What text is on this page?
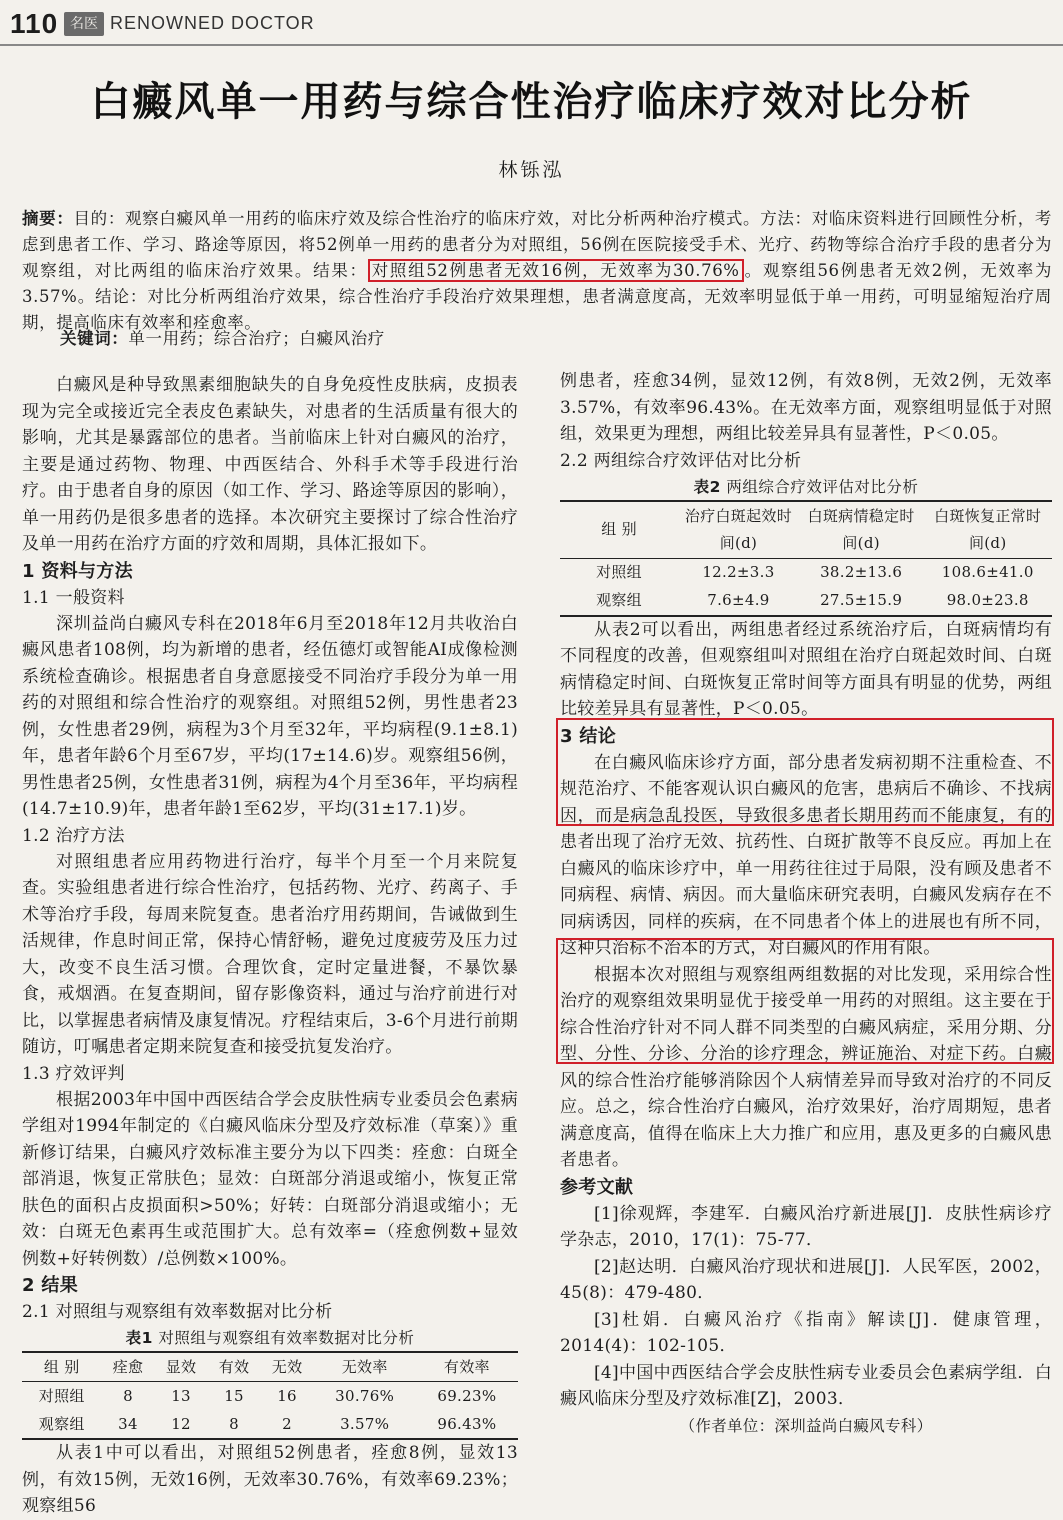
110 名医 RENOWNED DOCTOR
白癜风单一用药与综合性治疗临床疗效对比分析
林铄泓
摘要：目的：观察白癜风单一用药的临床疗效及综合性治疗的临床疗效，对比分析两种治疗模式。方法：对临床资料进行回顾性分析，考虑到患者工作、学习、路途等原因，将52例单一用药的患者分为对照组，56例在医院接受手术、光疗、药物等综合治疗手段的患者分为观察组，对比两组的临床治疗效果。结果： 对照组52例患者无效16例，无效率为30.76% 。观察组56例患者无效2例，无效率为3.57%。结论：对比分析两组治疗效果，综合性治疗手段治疗效果理想，患者满意度高，无效率明显低于单一用药，可明显缩短治疗周期，提高临床有效率和痊愈率。
关键词：单一用药；综合治疗；白癜风治疗

白癜风是种导致黑素细胞缺失的自身免疫性皮肤病，皮损表现为完全或接近完全表皮色素缺失，对患者的生活质量有很大的影响，尤其是暴露部位的患者。当前临床上针对白癜风的治疗，主要是通过药物、物理、中西医结合、外科手术等手段进行治疗。由于患者自身的原因（如工作、学习、路途等原因的影响），单一用药仍是很多患者的选择。本次研究主要探讨了综合性治疗及单一用药在治疗方面的疗效和周期，具体汇报如下。

1 资料与方法
1.1 一般资料

深圳益尚白癜风专科在2018年6月至2018年12月共收治白癜风患者108例，均为新增的患者，经伍德灯或智能AI成像检测系统检查确诊。根据患者自身意愿接受不同治疗手段分为单一用药的对照组和综合性治疗的观察组。对照组52例，男性患者23例，女性患者29例，病程为3个月至32年，平均病程(9.1±8.1)年，患者年龄6个月至67岁，平均(17±14.6)岁。观察组56例，男性患者25例，女性患者31例，病程为4个月至36年，平均病程(14.7±10.9)年，患者年龄1至62岁，平均(31±17.1)岁。

1.2 治疗方法

对照组患者应用药物进行治疗，每半个月至一个月来院复查。实验组患者进行综合性治疗，包括药物、光疗、药离子、手术等治疗手段，每周来院复查。患者治疗用药期间，告诫做到生活规律，作息时间正常，保持心情舒畅，避免过度疲劳及压力过大，改变不良生活习惯。合理饮食，定时定量进餐，不暴饮暴食，戒烟酒。在复查期间，留存影像资料，通过与治疗前进行对比，以掌握患者病情及康复情况。疗程结束后，3-6个月进行前期随访，叮嘱患者定期来院复查和接受抗复发治疗。

1.3 疗效评判

根据2003年中国中西医结合学会皮肤性病专业委员会色素病学组对1994年制定的《白癜风临床分型及疗效标准（草案）》重新修订结果，白癜风疗效标准主要分为以下四类：痊愈：白斑全部消退，恢复正常肤色；显效：白斑部分消退或缩小，恢复正常肤色的面积占皮损面积>50%；好转：白斑部分消退或缩小；无效：白斑无色素再生或范围扩大。总有效率=（痊愈例数+显效例数+好转例数）/总例数×100%。

2 结果
2.1 对照组与观察组有效率数据对比分析
表1 对照组与观察组有效率数据对比分析
组 别	痊愈	显效	有效	无效	无效率	有效率
对照组	8	13	15	16	30.76%	69.23%
观察组	34	12	8	2	3.57%	96.43%

从表1中可以看出，对照组52例患者，痊愈8例，显效13例，有效15例，无效16例，无效率30.76%，有效率69.23%；观察组56

例患者，痊愈34例，显效12例，有效8例，无效2例，无效率3.57%，有效率96.43%。在无效率方面，观察组明显低于对照组，效果更为理想，两组比较差异具有显著性，P＜0.05。

2.2 两组综合疗效评估对比分析
表2 两组综合疗效评估对比分析
组 别	治疗白斑起效时间(d)	白斑病情稳定时间(d)	白斑恢复正常时间(d)
对照组	12.2±3.3	38.2±13.6	108.6±41.0
观察组	7.6±4.9	27.5±15.9	98.0±23.8

从表2可以看出，两组患者经过系统治疗后，白斑病情均有不同程度的改善，但观察组叫对照组在治疗白斑起效时间、白斑病情稳定时间、白斑恢复正常时间等方面具有明显的优势，两组比较差异具有显著性，P＜0.05。

3 结论

在白癜风临床诊疗方面，部分患者发病初期不注重检查、不规范治疗、不能客观认识白癜风的危害，患病后不确诊、不找病因，而是病急乱投医，导致很多患者长期用药而不能康复，有的患者出现了治疗无效、抗药性、白斑扩散等不良反应。再加上在白癜风的临床诊疗中，单一用药往往过于局限，没有顾及患者不同病程、病情、病因。而大量临床研究表明，白癜风发病存在不同病诱因，同样的疾病，在不同患者个体上的进展也有所不同，这种只治标不治本的方式，对白癜风的作用有限。

根据本次对照组与观察组两组数据的对比发现，采用综合性治疗的观察组效果明显优于接受单一用药的对照组。这主要在于综合性治疗针对不同人群不同类型的白癜风病症，采用分期、分型、分性、分诊、分治的诊疗理念，辨证施治、对症下药。白癜风的综合性治疗能够消除因个人病情差异而导致对治疗的不同反应。总之，综合性治疗白癜风，治疗效果好，治疗周期短，患者满意度高，值得在临床上大力推广和应用，惠及更多的白癜风患者患者。

参考文献

[1]徐观辉，李建军．白癜风治疗新进展[J]．皮肤性病诊疗学杂志，2010，17(1)：75-77．

[2]赵达明．白癜风治疗现状和进展[J]．人民军医，2002，45(8)：479-480．

[3]杜娟．白癜风治疗《指南》解读[J]．健康管理，2014(4)：102-105．

[4]中国中西医结合学会皮肤性病专业委员会色素病学组．白癜风临床分型及疗效标准[Z]，2003．

（作者单位：深圳益尚白癜风专科）
